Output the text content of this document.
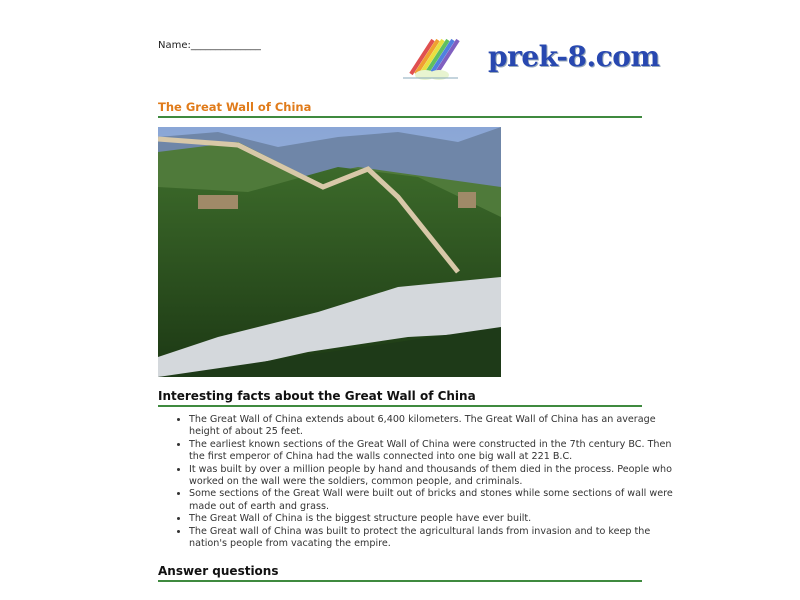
Name:______________	prek-8.com
The Great Wall of China
Interesting facts about the Great Wall of China
• The Great Wall of China extends about 6,400 kilometers. The Great Wall of China has an average height of about 25 feet.
• The earliest known sections of the Great Wall of China were constructed in the 7th century BC. Then the first emperor of China had the walls connected into one big wall at 221 B.C.
• It was built by over a million people by hand and thousands of them died in the process. People who worked on the wall were the soldiers, common people, and criminals.
• Some sections of the Great Wall were built out of bricks and stones while some sections of wall were made out of earth and grass.
• The Great Wall of China is the biggest structure people have ever built.
• The Great wall of China was built to protect the agricultural lands from invasion and to keep the nation's people from vacating the empire.
Answer questions
